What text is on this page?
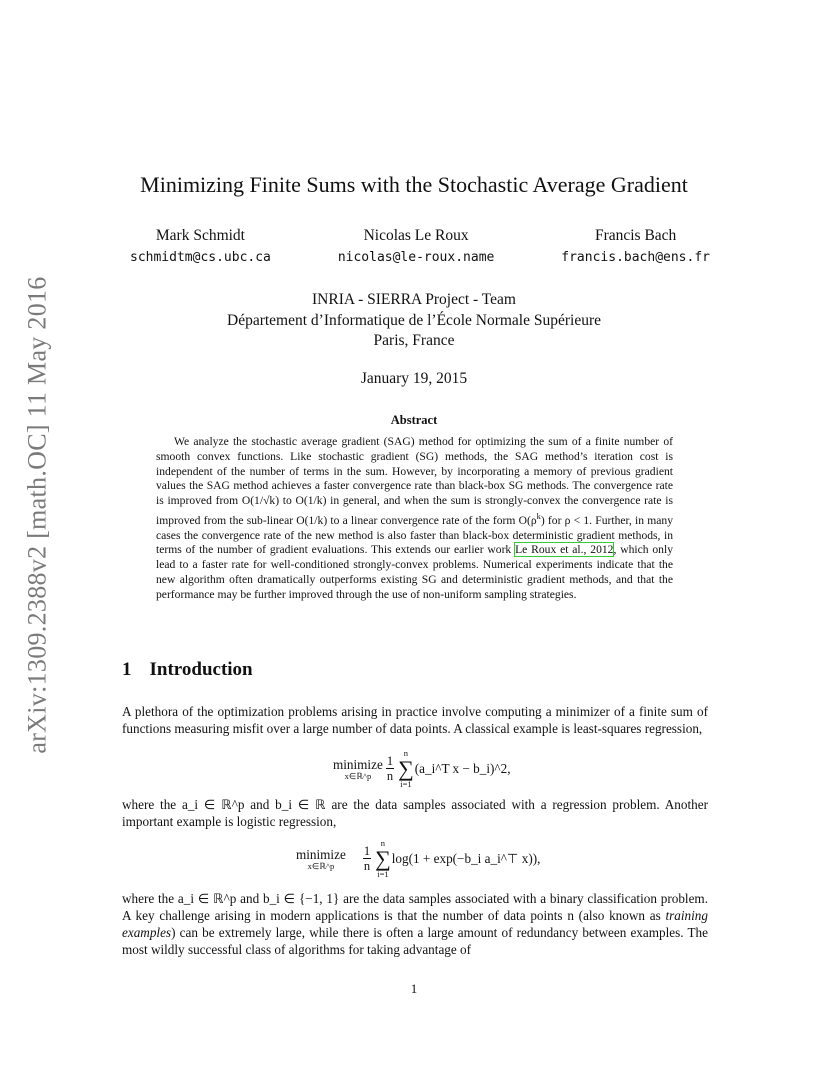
arXiv:1309.2388v2 [math.OC] 11 May 2016
Minimizing Finite Sums with the Stochastic Average Gradient
Mark Schmidt
schmidtm@cs.ubc.ca
Nicolas Le Roux
nicolas@le-roux.name
Francis Bach
francis.bach@ens.fr
INRIA - SIERRA Project - Team
Département d’Informatique de l’École Normale Supérieure
Paris, France
January 19, 2015
Abstract

We analyze the stochastic average gradient (SAG) method for optimizing the sum of a finite number of smooth convex functions. Like stochastic gradient (SG) methods, the SAG method’s iteration cost is independent of the number of terms in the sum. However, by incorporating a memory of previous gradient values the SAG method achieves a faster convergence rate than black-box SG methods. The convergence rate is improved from O(1/√k) to O(1/k) in general, and when the sum is strongly-convex the convergence rate is improved from the sub-linear O(1/k) to a linear convergence rate of the form $O(\rho^k)$ for ρ < 1. Further, in many cases the convergence rate of the new method is also faster than black-box deterministic gradient methods, in terms of the number of gradient evaluations. This extends our earlier work Le Roux et al., 2012, which only lead to a faster rate for well-conditioned strongly-convex problems. Numerical experiments indicate that the new algorithm often dramatically outperforms existing SG and deterministic gradient methods, and that the performance may be further improved through the use of non-uniform sampling strategies.

1 Introduction

A plethora of the optimization problems arising in practice involve computing a minimizer of a finite sum of functions measuring misfit over a large number of data points. A classical example is least-squares regression,

minimize
x∈ℝ^p	$\frac{1}{n}$
n
∑
i=1
(a_i^T x − b_i)^2,

where the a_i ∈ ℝ^p and b_i ∈ ℝ are the data samples associated with a regression problem. Another important example is logistic regression,

minimize
x∈ℝ^p	$\frac{1}{n}$
n
∑
i=1
log(1 + exp(−b_i a_i^⊤ x)),

where the a_i ∈ ℝ^p and b_i ∈ {−1, 1} are the data samples associated with a binary classification problem. A key challenge arising in modern applications is that the number of data points n (also known as training examples) can be extremely large, while there is often a large amount of redundancy between examples. The most wildly successful class of algorithms for taking advantage of

1
